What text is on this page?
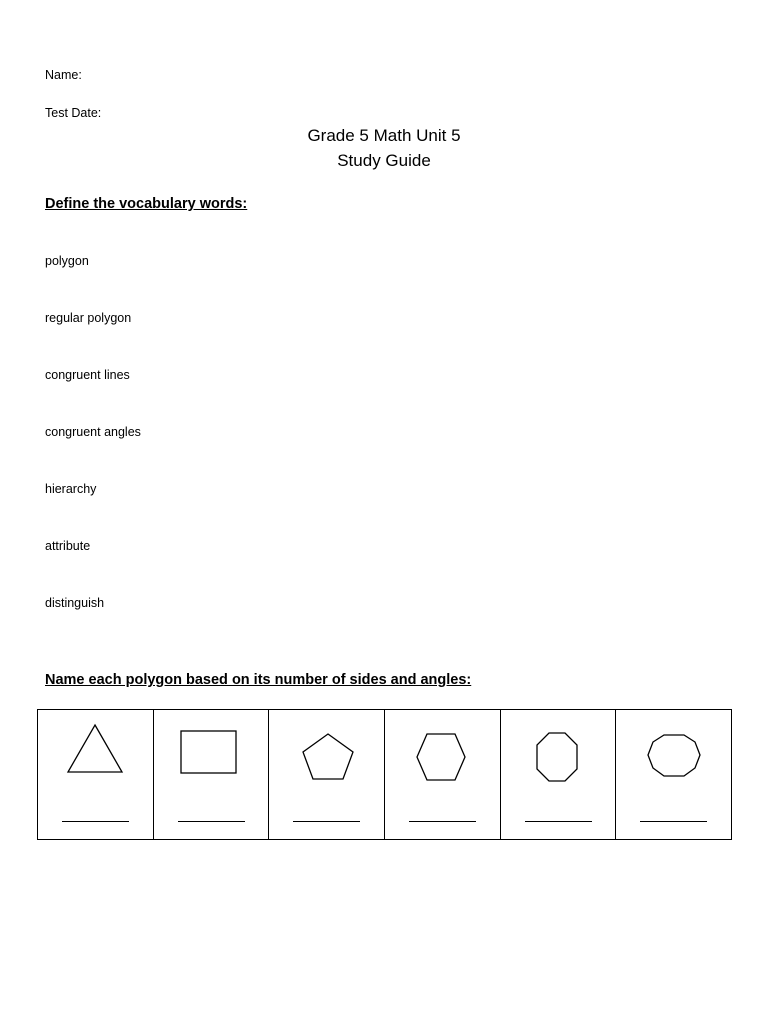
Name:
Test Date:
Grade 5 Math Unit 5
Study Guide
Define the vocabulary words:
polygon
regular polygon
congruent lines
congruent angles
hierarchy
attribute
distinguish
Name each polygon based on its number of sides and angles:
